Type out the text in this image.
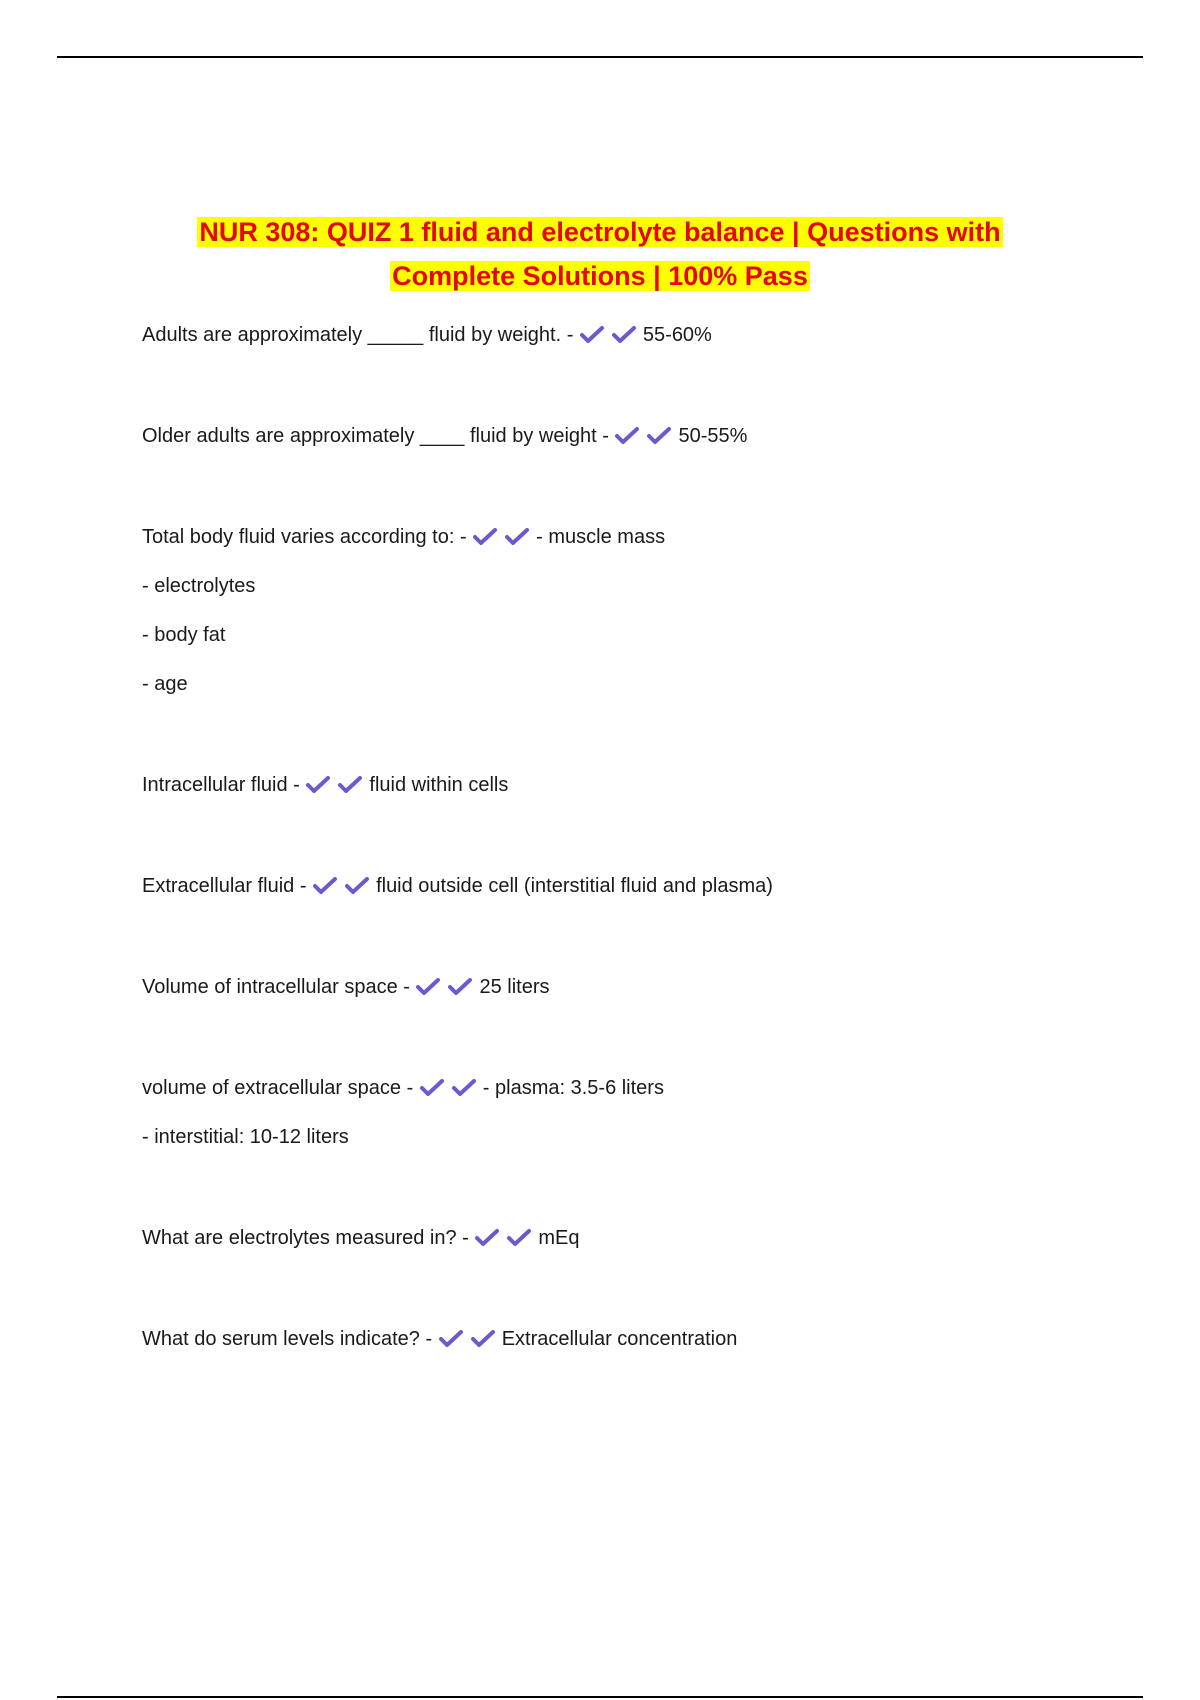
NUR 308: QUIZ 1 fluid and electrolyte balance | Questions with
Complete Solutions | 100% Pass
Adults are approximately _____ fluid by weight. -	55-60%
Older adults are approximately ____ fluid by weight -	50-55%
Total body fluid varies according to: -	- muscle mass
- electrolytes
- body fat
- age
Intracellular fluid -	fluid within cells
Extracellular fluid -	fluid outside cell (interstitial fluid and plasma)
Volume of intracellular space -	25 liters
volume of extracellular space -	- plasma: 3.5-6 liters
- interstitial: 10-12 liters
What are electrolytes measured in? -	mEq
What do serum levels indicate? -	Extracellular concentration
